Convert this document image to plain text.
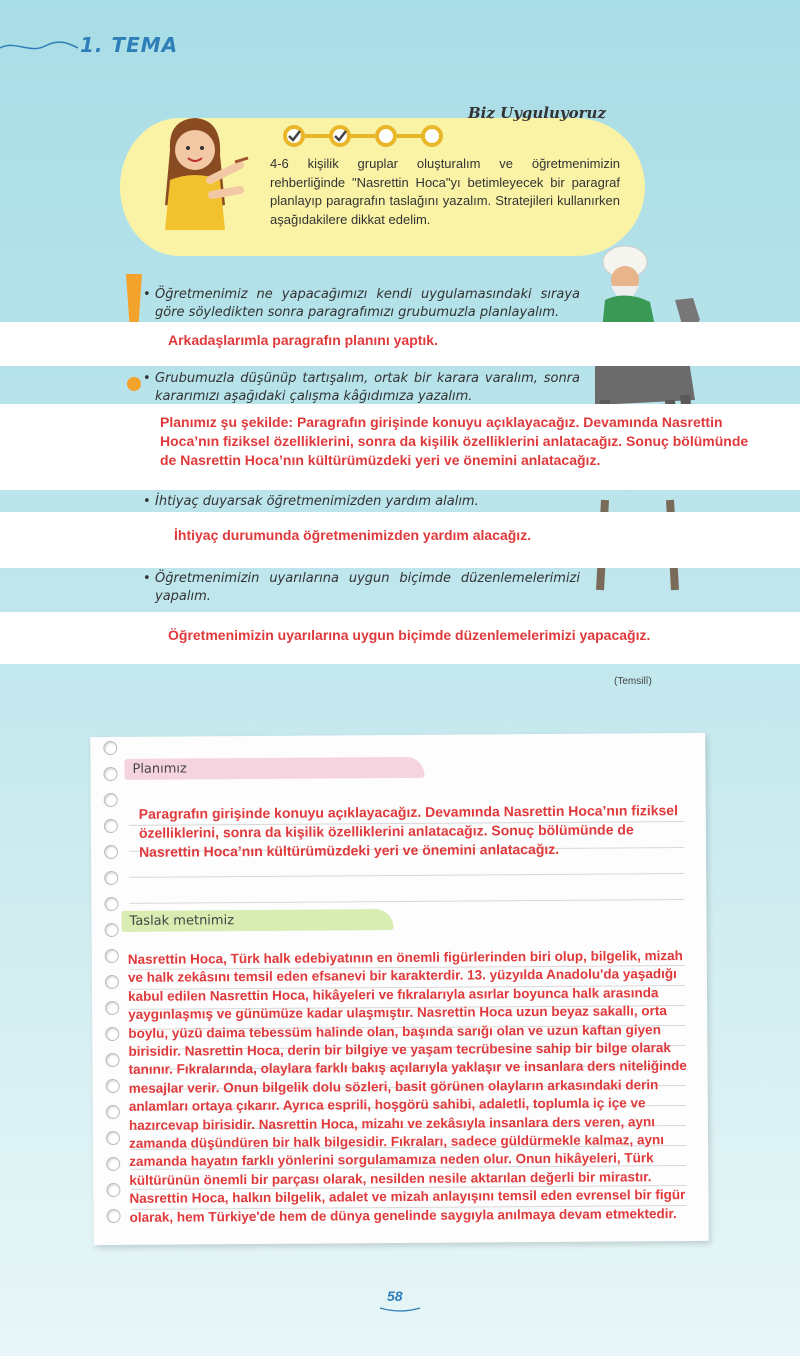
1. TEMA
Biz Uyguluyoruz
4-6 kişilik gruplar oluşturalım ve öğretmenimizin rehberliğinde "Nasrettin Hoca"yı betimleyecek bir paragraf planlayıp paragrafın taslağını yazalım. Stratejileri kullanırken aşağıdakilere dikkat edelim.
• Öğretmenimiz ne yapacağımızı kendi uygulamasındaki sıraya göre söyledikten sonra paragrafımızı grubumuzla planlayalım.
Arkadaşlarımla paragrafın planını yaptık.
• Grubumuzla düşünüp tartışalım, ortak bir karara varalım, sonra kararımızı aşağıdaki çalışma kâğıdımıza yazalım.
Planımız şu şekilde: Paragrafın girişinde konuyu açıklayacağız. Devamında Nasrettin Hoca’nın fiziksel özelliklerini, sonra da kişilik özelliklerini anlatacağız. Sonuç bölümünde de Nasrettin Hoca’nın kültürümüzdeki yeri ve önemini anlatacağız.
• İhtiyaç duyarsak öğretmenimizden yardım alalım.
İhtiyaç durumunda öğretmenimizden yardım alacağız.
• Öğretmenimizin uyarılarına uygun biçimde düzenlemelerimizi yapalım.
Öğretmenimizin uyarılarına uygun biçimde düzenlemelerimizi yapacağız.
(Temsilî)
Planımız
Paragrafın girişinde konuyu açıklayacağız. Devamında Nasrettin Hoca’nın fiziksel özelliklerini, sonra da kişilik özelliklerini anlatacağız. Sonuç bölümünde de Nasrettin Hoca’nın kültürümüzdeki yeri ve önemini anlatacağız.
Taslak metnimiz
Nasrettin Hoca, Türk halk edebiyatının en önemli figürlerinden biri olup, bilgelik, mizah ve halk zekâsını temsil eden efsanevi bir karakterdir. 13. yüzyılda Anadolu'da yaşadığı kabul edilen Nasrettin Hoca, hikâyeleri ve fıkralarıyla asırlar boyunca halk arasında yaygınlaşmış ve günümüze kadar ulaşmıştır. Nasrettin Hoca uzun beyaz sakallı, orta boylu, yüzü daima tebessüm halinde olan, başında sarığı olan ve uzun kaftan giyen birisidir. Nasrettin Hoca, derin bir bilgiye ve yaşam tecrübesine sahip bir bilge olarak tanınır. Fıkralarında, olaylara farklı bakış açılarıyla yaklaşır ve insanlara ders niteliğinde mesajlar verir. Onun bilgelik dolu sözleri, basit görünen olayların arkasındaki derin anlamları ortaya çıkarır. Ayrıca esprili, hoşgörü sahibi, adaletli, toplumla iç içe ve hazırcevap birisidir. Nasrettin Hoca, mizahı ve zekâsıyla insanlara ders veren, aynı zamanda düşündüren bir halk bilgesidir. Fıkraları, sadece güldürmekle kalmaz, aynı zamanda hayatın farklı yönlerini sorgulamamıza neden olur. Onun hikâyeleri, Türk kültürünün önemli bir parçası olarak, nesilden nesile aktarılan değerli bir mirastır. Nasrettin Hoca, halkın bilgelik, adalet ve mizah anlayışını temsil eden evrensel bir figür olarak, hem Türkiye'de hem de dünya genelinde saygıyla anılmaya devam etmektedir.
58
